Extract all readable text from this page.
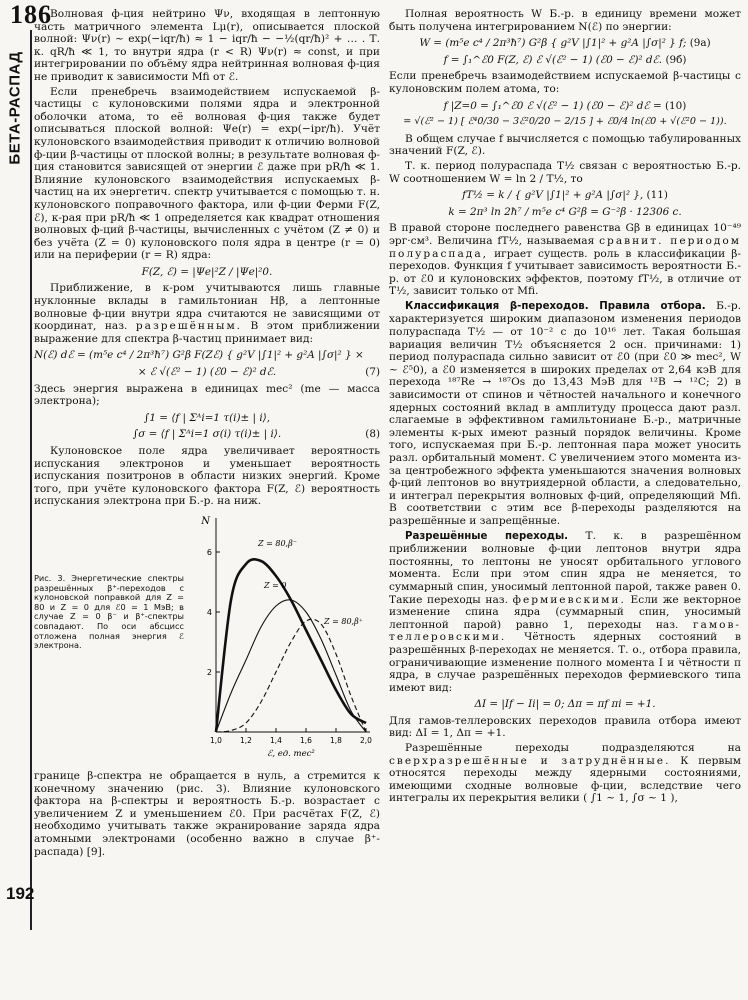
186
БЕТА-РАСПАД
192

Волновая ф-ция нейтрино Ψν, входящая в лептонную часть матричного элемента Lμ(r), описывается плоской волной: Ψν(r) ~ exp(−iqr/ħ) ≈ 1 − iqr/ħ − −½(qr/ħ)² + … . Т. к. qR/ħ ≪ 1, то внутри ядра (r < R) Ψν(r) ≈ const, и при интегрировании по объёму ядра нейтринная волновая ф-ция не приводит к зависимости Mfi от ℰ.

Если пренебречь взаимодействием испускаемой β-частицы с кулоновскими полями ядра и электронной оболочки атома, то её волновая ф-ция также будет описываться плоской волной: Ψe(r) = exp(−ipr/ħ). Учёт кулоновского взаимодействия приводит к отличию волновой ф-ции β-частицы от плоской волны; в результате волновая ф-ция становится зависящей от энергии ℰ даже при pR/ħ ≪ 1. Влияние кулоновского взаимодействия испускаемых β-частиц на их энергетич. спектр учитывается с помощью т. н. кулоновского поправочного фактора, или ф-ции Ферми F(Z, ℰ), к-рая при pR/ħ ≪ 1 определяется как квадрат отношения волновых ф-ций β-частицы, вычисленных с учётом (Z ≠ 0) и без учёта (Z = 0) кулоновского поля ядра в центре (r = 0) или на периферии (r = R) ядра:

F(Z, ℰ) = |Ψe|²Z / |Ψe|²0.

Приближение, в к-ром учитываются лишь главные нуклонные вклады в гамильтониан Hβ, а лептонные волновые ф-ции внутри ядра считаются не зависящими от координат, наз. разрешённым. В этом приближении выражение для спектра β-частиц принимает вид:

N(ℰ) dℰ = (m⁵e c⁴ / 2π³ħ⁷) G²β F(Zℰ) { g²V |∫1|² + g²A |∫σ|² } ×
× ℰ √(ℰ² − 1) (ℰ0 − ℰ)² dℰ.	(7)

Здесь энергия выражена в единицах mec² (me — масса электрона);

∫1 = ⟨f | Σᴬi=1 τ(i)± | i⟩,
∫σ = ⟨f | Σᴬi=1 σ(i) τ(i)± | i⟩.	(8)

Кулоновское поле ядра увеличивает вероятность испускания электронов и уменьшает вероятность испускания позитронов в области низких энергий. Кроме того, при учёте кулоновского фактора F(Z, ℰ) вероятность испускания электрона при Б.-р. на ниж.

Рис. 3. Энергетические спектры разрешённых β⁺-переходов с кулоновской поправкой для Z = 80 и Z = 0 для ℰ0 = 1 МэВ; в случае Z = 0 β⁻ и β⁺-спектры совпадают. По оси абсцисс отложена полная энергия ℰ электрона.
N
2
4
6
1,0 1,2 1,4 1,6 1,8 2,0
ℰ, ед. mec²
Z = 80,β⁻
Z = 0
Z = 80,β⁺

границе β-спектра не обращается в нуль, а стремится к конечному значению (рис. 3). Влияние кулоновского фактора на β-спектры и вероятность Б.-р. возрастает с увеличением Z и уменьшением ℰ0. При расчётах F(Z, ℰ) необходимо учитывать также экранирование заряда ядра атомными электронами (особенно важно в случае β⁺-распада) [9].

Полная вероятность W Б.-р. в единицу времени может быть получена интегрированием N(ℰ) по энергии:

W = (m⁵e c⁴ / 2π³ħ⁷) G²β { g²V |∫1|² + g²A |∫σ|² } f; (9а)
f = ∫₁^ℰ0 F(Z, ℰ) ℰ √(ℰ² − 1) (ℰ0 − ℰ)² dℰ. (9б)

Если пренебречь взаимодействием испускаемой β-частицы с кулоновским полем атома, то:

f |Z=0 = ∫₁^ℰ0 ℰ √(ℰ² − 1) (ℰ0 − ℰ)² dℰ = (10)
= √(ℰ² − 1) [ ℰ⁴0/30 − 3ℰ²0/20 − 2/15 ] + ℰ0/4 ln(ℰ0 + √(ℰ²0 − 1)).

В общем случае f вычисляется с помощью табулированных значений F(Z, ℰ).

Т. к. период полураспада T½ связан с вероятностью Б.-р. W соотношением W = ln 2 / T½, то

fT½ = k / { g²V |∫1|² + g²A |∫σ|² }, (11)
k = 2π³ ln 2ħ⁷ / m⁵e c⁴ G²β = G⁻²β · 12306 с.

В правой стороне последнего равенства Gβ в единицах 10⁻⁴⁹ эрг·см³. Величина fT½, называемая сравнит. периодом полураспада, играет существ. роль в классификации β-переходов. Функция f учитывает зависимость вероятности Б.-р. от ℰ0 и кулоновских эффектов, поэтому fT½, в отличие от T½, зависит только от Mfi.

Классификация β-переходов. Правила отбора. Б.-р. характеризуется широким диапазоном изменения периодов полураспада T½ — от 10⁻² с до 10¹⁶ лет. Такая большая вариация величин T½ объясняется 2 осн. причинами: 1) период полураспада сильно зависит от ℰ0 (при ℰ0 ≫ mec², W ~ ℰ⁵0), а ℰ0 изменяется в широких пределах от 2,64 кэВ для перехода ¹⁸⁷Re → ¹⁸⁷Os до 13,43 МэВ для ¹²B → ¹²C; 2) в зависимости от спинов и чётностей начального и конечного ядерных состояний вклад в амплитуду процесса дают разл. слагаемые в эффективном гамильтониане Б.-р., матричные элементы к-рых имеют разный порядок величины. Кроме того, испускаемая при Б.-р. лептонная пара может уносить разл. орбитальный момент. С увеличением этого момента из-за центробежного эффекта уменьшаются значения волновых ф-ций лептонов во внутриядерной области, а следовательно, и интеграл перекрытия волновых ф-ций, определяющий Mfi. В соответствии с этим все β-переходы разделяются на разрешённые и запрещённые.

Разрешённые переходы. Т. к. в разрешённом приближении волновые ф-ции лептонов внутри ядра постоянны, то лептоны не уносят орбитального углового момента. Если при этом спин ядра не меняется, то суммарный спин, уносимый лептонной парой, также равен 0. Такие переходы наз. фермиевскими. Если же векторное изменение спина ядра (суммарный спин, уносимый лептонной парой) равно 1, переходы наз. гамов-теллеровскими. Чётность ядерных состояний в разрешённых β-переходах не меняется. Т. о., отбора правила, ограничивающие изменение полного момента I и чётности π ядра, в случае разрешённых переходов фермиевского типа имеют вид:

ΔI = |If − Ii| = 0; Δπ = πf πi = +1.

Для гамов-теллеровских переходов правила отбора имеют вид: ΔI = 1, Δπ = +1.

Разрешённые переходы подразделяются на сверхразрешённые и затруднённые. К первым относятся переходы между ядерными состояниями, имеющими сходные волновые ф-ции, вследствие чего интегралы их перекрытия велики ( ∫1 ~ 1, ∫σ ~ 1 ),
